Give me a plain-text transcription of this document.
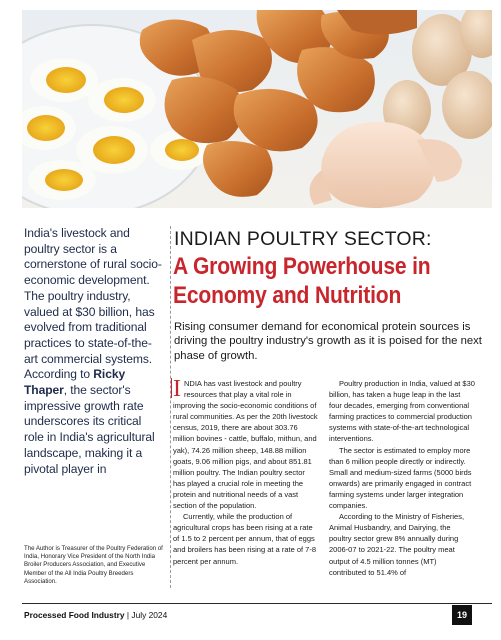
India's livestock and poultry sector is a cornerstone of rural socio-economic development. The poultry industry, valued at $30 billion, has evolved from traditional practices to state-of-the-art commercial systems. According to Ricky Thaper, the sector's impressive growth rate underscores its critical role in India's agricultural landscape, making it a pivotal player in

The Author is Treasurer of the Poultry Federation of India, Honorary Vice President of the North India Broiler Producers Association, and Executive Member of the All India Poultry Breeders Association.

INDIAN POULTRY SECTOR:
A Growing Powerhouse in
Economy and Nutrition

Rising consumer demand for economical protein sources is driving the poultry industry's growth as it is poised for the next phase of growth.

INDIA has vast livestock and poultry resources that play a vital role in improving the socio-economic conditions of rural communities. As per the 20th livestock census, 2019, there are about 303.76 million bovines - cattle, buffalo, mithun, and yak), 74.26 million sheep, 148.88 million goats, 9.06 million pigs, and about 851.81 million poultry. The Indian poultry sector has played a crucial role in meeting the protein and nutritional needs of a vast section of the population.

Currently, while the production of agricultural crops has been rising at a rate of 1.5 to 2 percent per annum, that of eggs and broilers has been rising at a rate of 7-8 percent per annum.

Poultry production in India, valued at $30 billion, has taken a huge leap in the last four decades, emerging from conventional farming practices to commercial production systems with state-of-the-art technological interventions.

The sector is estimated to employ more than 6 million people directly or indirectly. Small and medium-sized farms (5000 birds onwards) are primarily engaged in contract farming systems under larger integration companies.

According to the Ministry of Fisheries, Animal Husbandry, and Dairying, the poultry sector grew 8% annually during 2006-07 to 2021-22. The poultry meat output of 4.5 million tonnes (MT) contributed to 51.4% of

Processed Food Industry | July 2024	19
